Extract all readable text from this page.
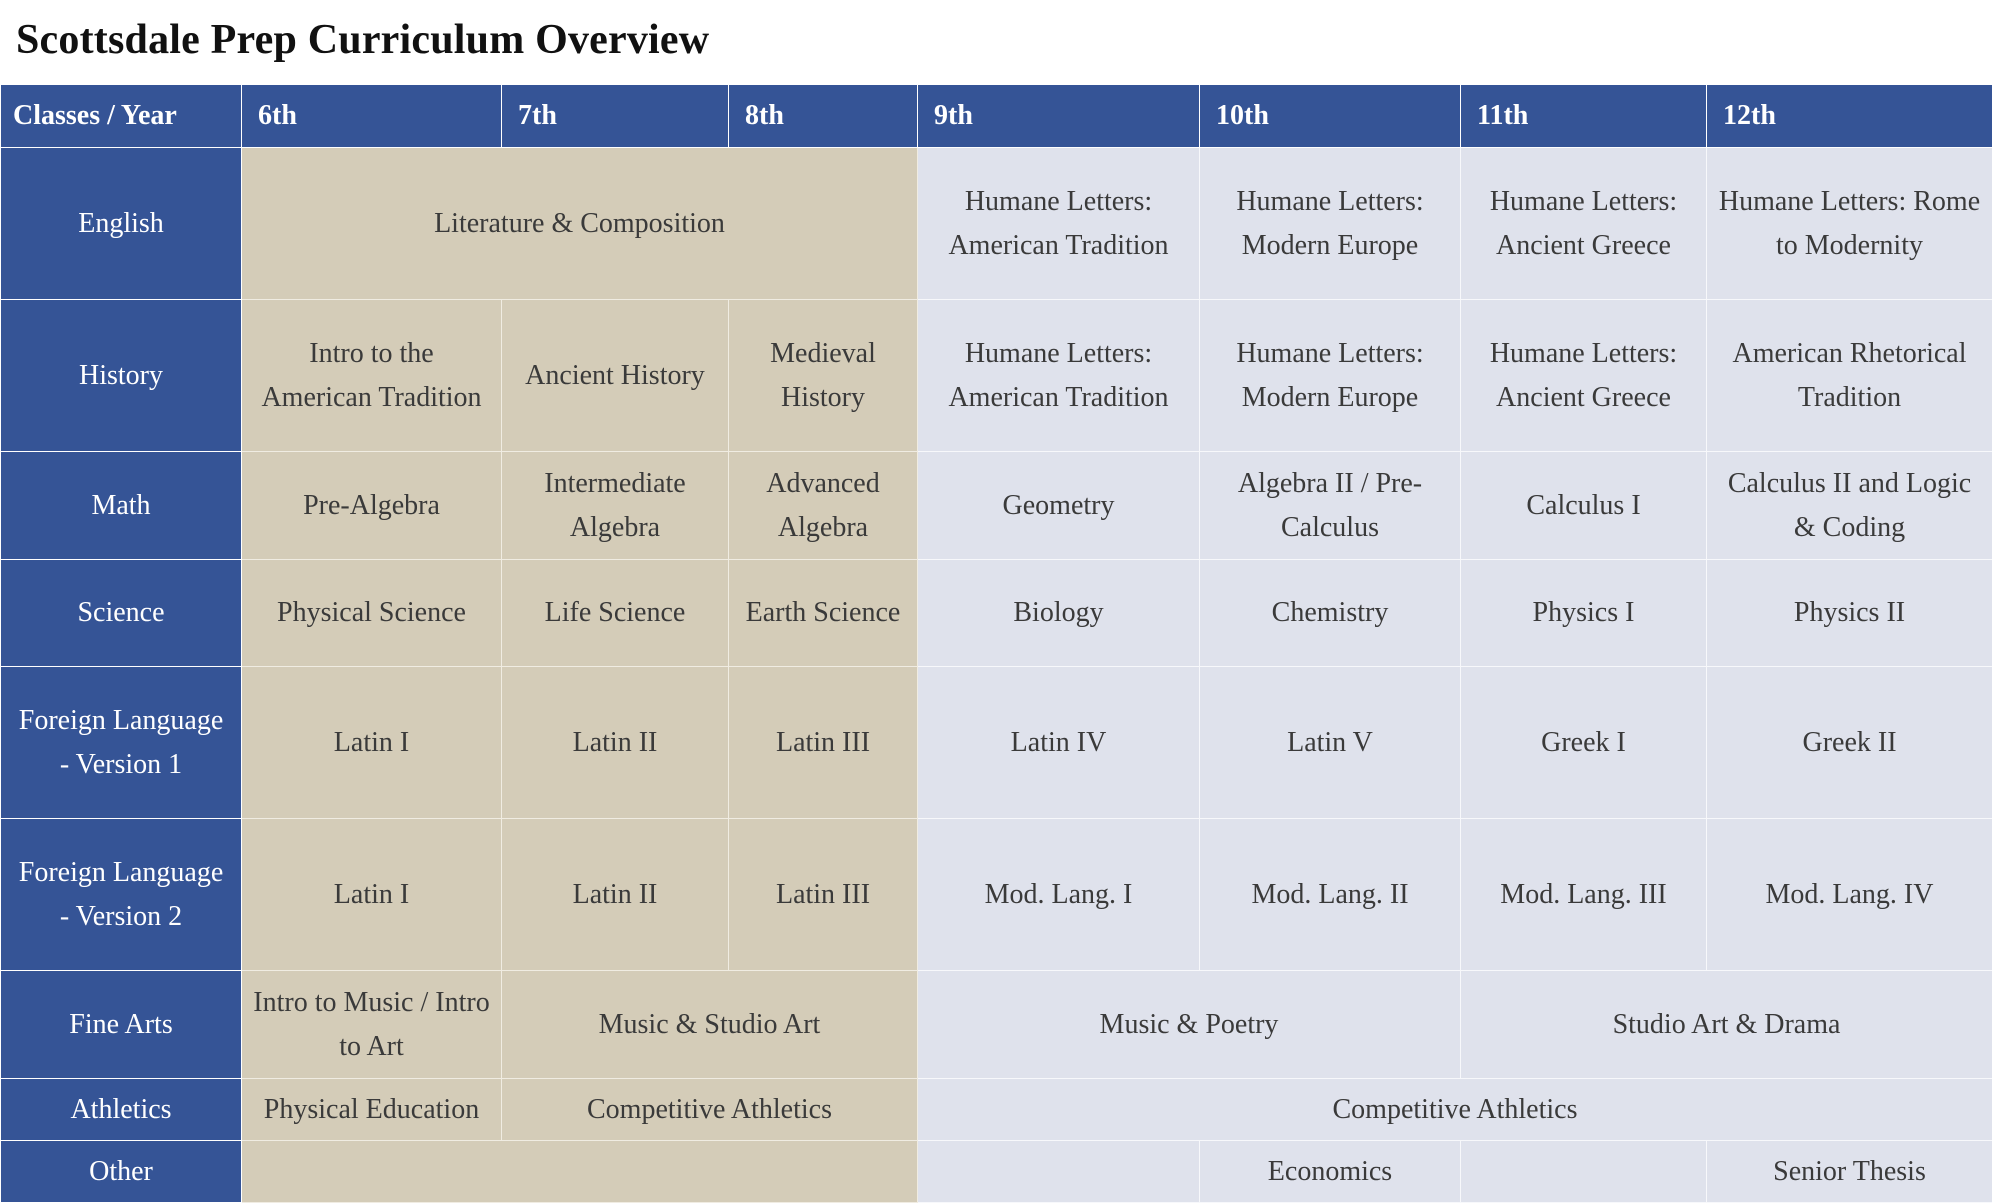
Scottsdale Prep Curriculum Overview
Classes / Year	6th	7th	8th	9th	10th	11th	12th
English	Literature & Composition			Humane Letters: American Tradition	Humane Letters: Modern Europe	Humane Letters: Ancient Greece	Humane Letters: Rome to Modernity
History	Intro to the American Tradition	Ancient History	Medieval History	Humane Letters: American Tradition	Humane Letters: Modern Europe	Humane Letters: Ancient Greece	American Rhetorical Tradition
Math	Pre-Algebra	Intermediate Algebra	Advanced Algebra	Geometry	Algebra II / Pre-Calculus	Calculus I	Calculus II and Logic & Coding
Science	Physical Science	Life Science	Earth Science	Biology	Chemistry	Physics I	Physics II
Foreign Language - Version 1	Latin I	Latin II	Latin III	Latin IV	Latin V	Greek I	Greek II
Foreign Language - Version 2	Latin I	Latin II	Latin III	Mod. Lang. I	Mod. Lang. II	Mod. Lang. III	Mod. Lang. IV
Fine Arts	Intro to Music / Intro to Art	Music & Studio Art		Music & Poetry		Studio Art & Drama	
Athletics	Physical Education	Competitive Athletics		Competitive Athletics			
Other					Economics		Senior Thesis
